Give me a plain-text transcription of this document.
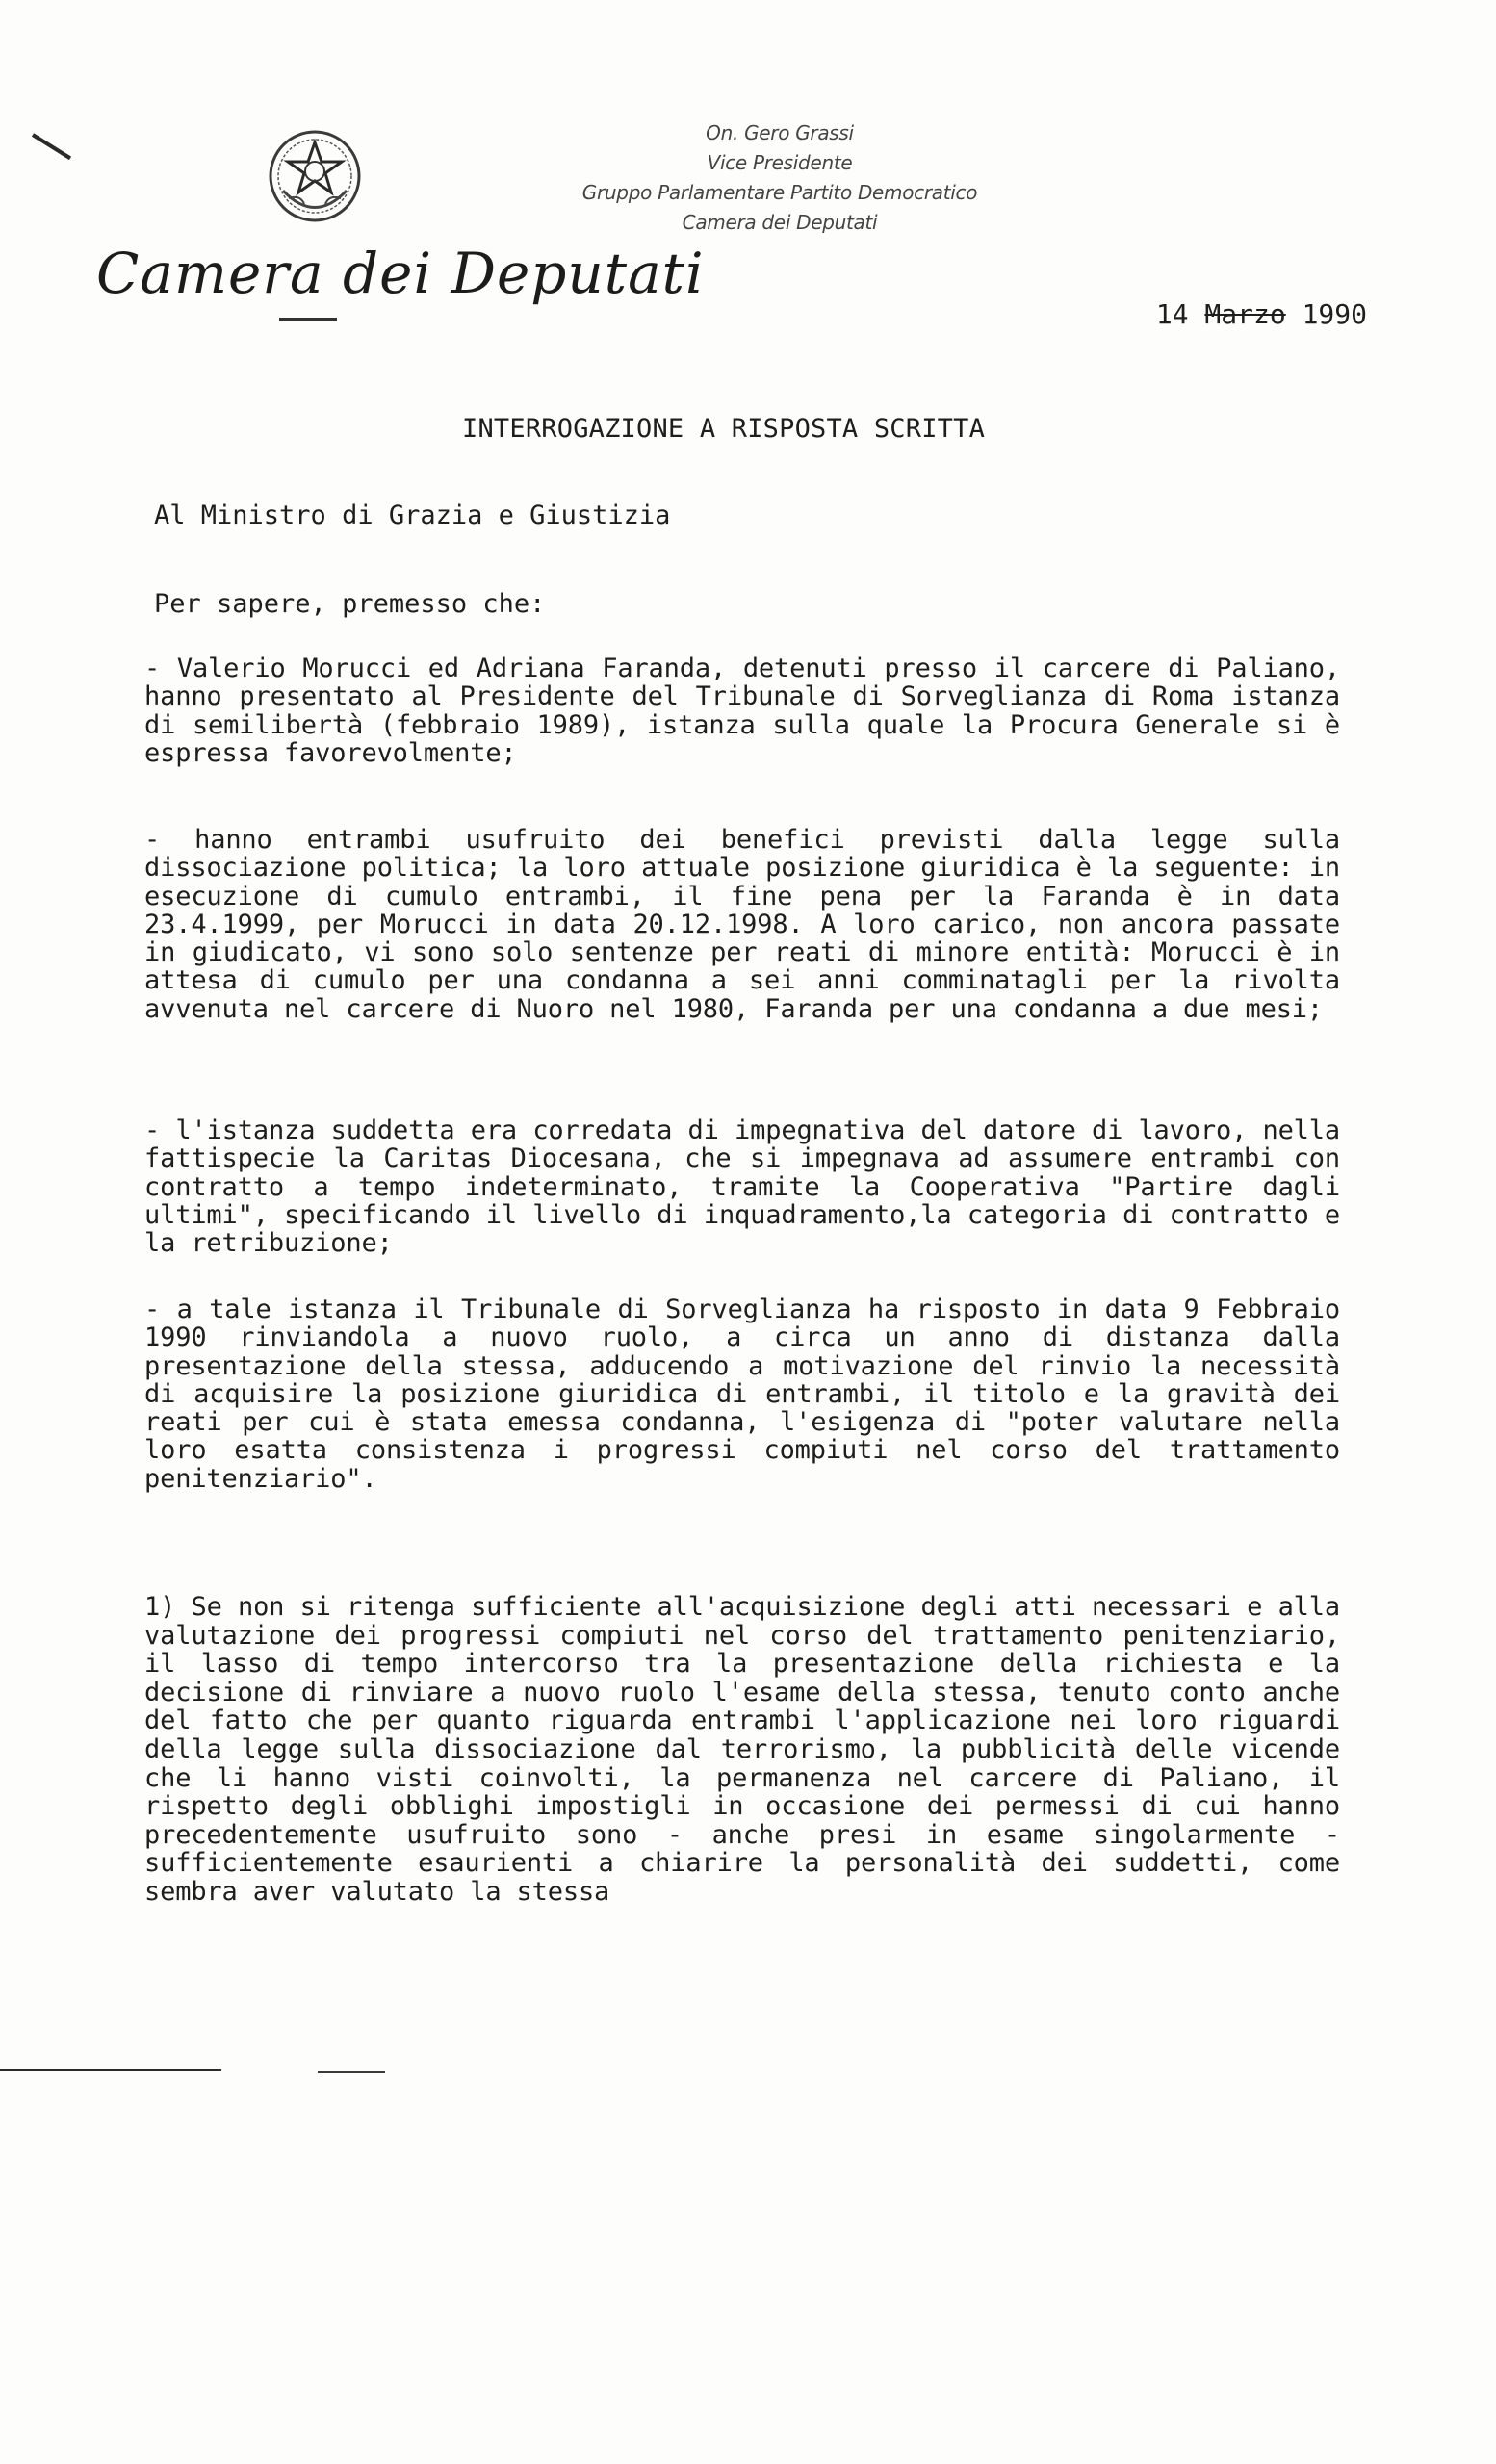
Camera dei Deputati
On. Gero Grassi
Vice Presidente
Gruppo Parlamentare Partito Democratico
Camera dei Deputati
14 Marzo 1990
INTERROGAZIONE A RISPOSTA SCRITTA
Al Ministro di Grazia e Giustizia
Per sapere, premesso che:
- Valerio Morucci ed Adriana Faranda, detenuti presso il carcere di Paliano, hanno presentato al Presidente del Tribunale di Sorveglianza di Roma istanza di semilibertà (febbraio 1989), istanza sulla quale la Procura Generale si è espressa favorevolmente;
- hanno entrambi usufruito dei benefici previsti dalla legge sulla dissociazione politica; la loro attuale posizione giuridica è la seguente: in esecuzione di cumulo entrambi, il fine pena per la Faranda è in data 23.4.1999, per Morucci in data 20.12.1998. A loro carico, non ancora passate in giudicato, vi sono solo sentenze per reati di minore entità: Morucci è in attesa di cumulo per una condanna a sei anni comminatagli per la rivolta avvenuta nel carcere di Nuoro nel 1980, Faranda per una condanna a due mesi;
- l'istanza suddetta era corredata di impegnativa del datore di lavoro, nella fattispecie la Caritas Diocesana, che si impegnava ad assumere entrambi con contratto a tempo indeterminato, tramite la Cooperativa "Partire dagli ultimi", specificando il livello di inquadramento,la categoria di contratto e la retribuzione;
- a tale istanza il Tribunale di Sorveglianza ha risposto in data 9 Febbraio 1990 rinviandola a nuovo ruolo, a circa un anno di distanza dalla presentazione della stessa, adducendo a motivazione del rinvio la necessità di acquisire la posizione giuridica di entrambi, il titolo e la gravità dei reati per cui è stata emessa condanna, l'esigenza di "poter valutare nella loro esatta consistenza i progressi compiuti nel corso del trattamento penitenziario".
1) Se non si ritenga sufficiente all'acquisizione degli atti necessari e alla valutazione dei progressi compiuti nel corso del trattamento penitenziario, il lasso di tempo intercorso tra la presentazione della richiesta e la decisione di rinviare a nuovo ruolo l'esame della stessa, tenuto conto anche del fatto che per quanto riguarda entrambi l'applicazione nei loro riguardi della legge sulla dissociazione dal terrorismo, la pubblicità delle vicende che li hanno visti coinvolti, la permanenza nel carcere di Paliano, il rispetto degli obblighi impostigli in occasione dei permessi di cui hanno precedentemente usufruito sono - anche presi in esame singolarmente - sufficientemente esaurienti a chiarire la personalità dei suddetti, come sembra aver valutato la stessa
